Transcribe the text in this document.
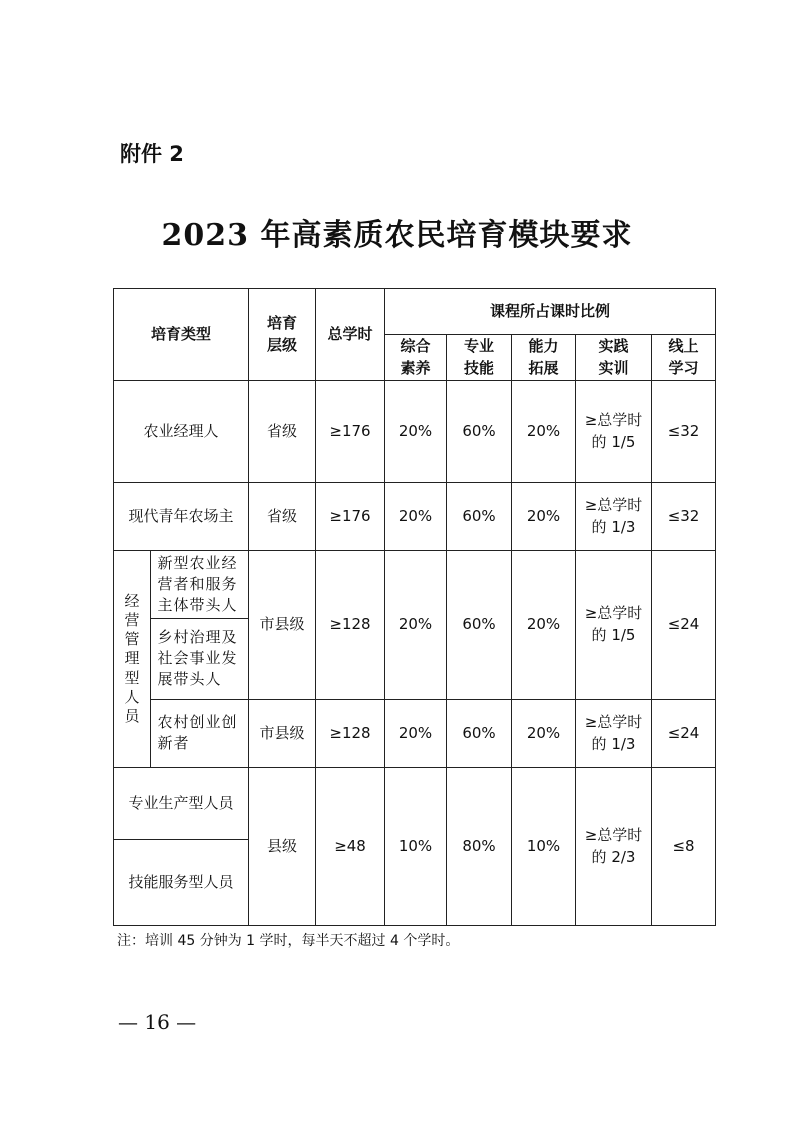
附件 2
2023 年高素质农民培育模块要求
培育类型		培育层级	总学时	课程所占课时比例				
				综合素养	专业技能	能力拓展	实践实训	线上学习
农业经理人		省级	≥176	20%	60%	20%	≥总学时的 1/5	≤32
现代青年农场主		省级	≥176	20%	60%	20%	≥总学时的 1/3	≤32

经营管理型人员	新型农业经营者和服务主体带头人	市县级	≥128	20%	60%	20%	≥总学时的 1/5	≤24
	乡村治理及社会事业发展带头人							
	农村创业创新者	市县级	≥128	20%	60%	20%	≥总学时的 1/3	≤24
专业生产型人员		县级	≥48	10%	80%	10%	≥总学时的 2/3	≤8
技能服务型人员								
注：培训 45 分钟为 1 学时，每半天不超过 4 个学时。
— 16 —
